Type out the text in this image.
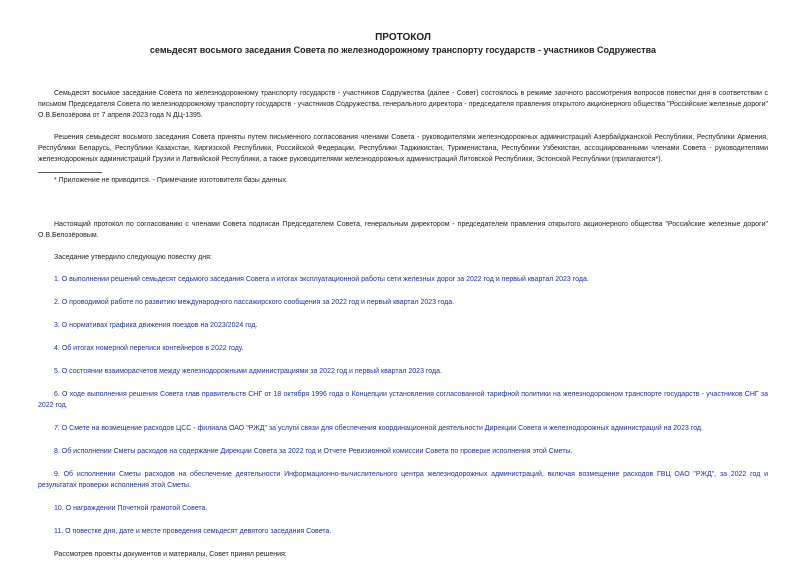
ПРОТОКОЛ
семьдесят восьмого заседания Совета по железнодорожному транспорту государств - участников Содружества

Семьдесят восьмое заседание Совета по железнодорожному транспорту государств - участников Содружества (далее - Совет) состоялось в режиме заочного рассмотрения вопросов повестки дня в соответствии с письмом Председателя Совета по железнодорожному транспорту государств - участников Содружества, генерального директора - председателя правления открытого акционерного общества "Российские железные дороги" О.В.Белозёрова от 7 апреля 2023 года N ДЦ-1395.

Решения семьдесят восьмого заседания Совета приняты путем письменного согласования членами Совета - руководителями железнодорожных администраций Азербайджанской Республики, Республики Армения, Республики Беларусь, Республики Казахстан, Киргизской Республики, Российской Федерации, Республики Таджикистан, Туркменистана, Республики Узбекистан, ассоциированными членами Совета - руководителями железнодорожных администраций Грузии и Латвийской Республики, а также руководителями железнодорожных администраций Литовской Республики, Эстонской Республики (прилагаются*).

* Приложение не приводится. - Примечание изготовителя базы данных.

Настоящий протокол по согласованию с членами Совета подписан Председателем Совета, генеральным директором - председателем правления открытого акционерного общества "Российские железные дороги" О.В.Белозёровым.

Заседание утвердило следующую повестку дня:

1. О выполнении решений семьдесят седьмого заседания Совета и итогах эксплуатационной работы сети железных дорог за 2022 год и первый квартал 2023 года.
2. О проводимой работе по развитию международного пассажирского сообщения за 2022 год и первый квартал 2023 года.
3. О нормативах графика движения поездов на 2023/2024 год.
4. Об итогах номерной переписи контейнеров в 2022 году.
5. О состоянии взаиморасчетов между железнодорожными администрациями за 2022 год и первый квартал 2023 года.
6. О ходе выполнения решения Совета глав правительств СНГ от 18 октября 1996 года о Концепции установления согласованной тарифной политики на железнодорожном транспорте государств - участников СНГ за 2022 год.
7. О Смете на возмещение расходов ЦСС - филиала ОАО "РЖД" за услуги связи для обеспечения координационной деятельности Дирекции Совета и железнодорожных администраций на 2023 год.
8. Об исполнении Сметы расходов на содержание Дирекции Совета за 2022 год и Отчете Ревизионной комиссии Совета по проверке исполнения этой Сметы.
9. Об исполнении Сметы расходов на обеспечение деятельности Информационно-вычислительного центра железнодорожных администраций, включая возмещение расходов ГВЦ ОАО "РЖД", за 2022 год и результатах проверки исполнения этой Сметы.
10. О награждении Почетной грамотой Совета.
11. О повестке дня, дате и месте проведения семьдесят девятого заседания Совета.

Рассмотрев проекты документов и материалы, Совет принял решения:
